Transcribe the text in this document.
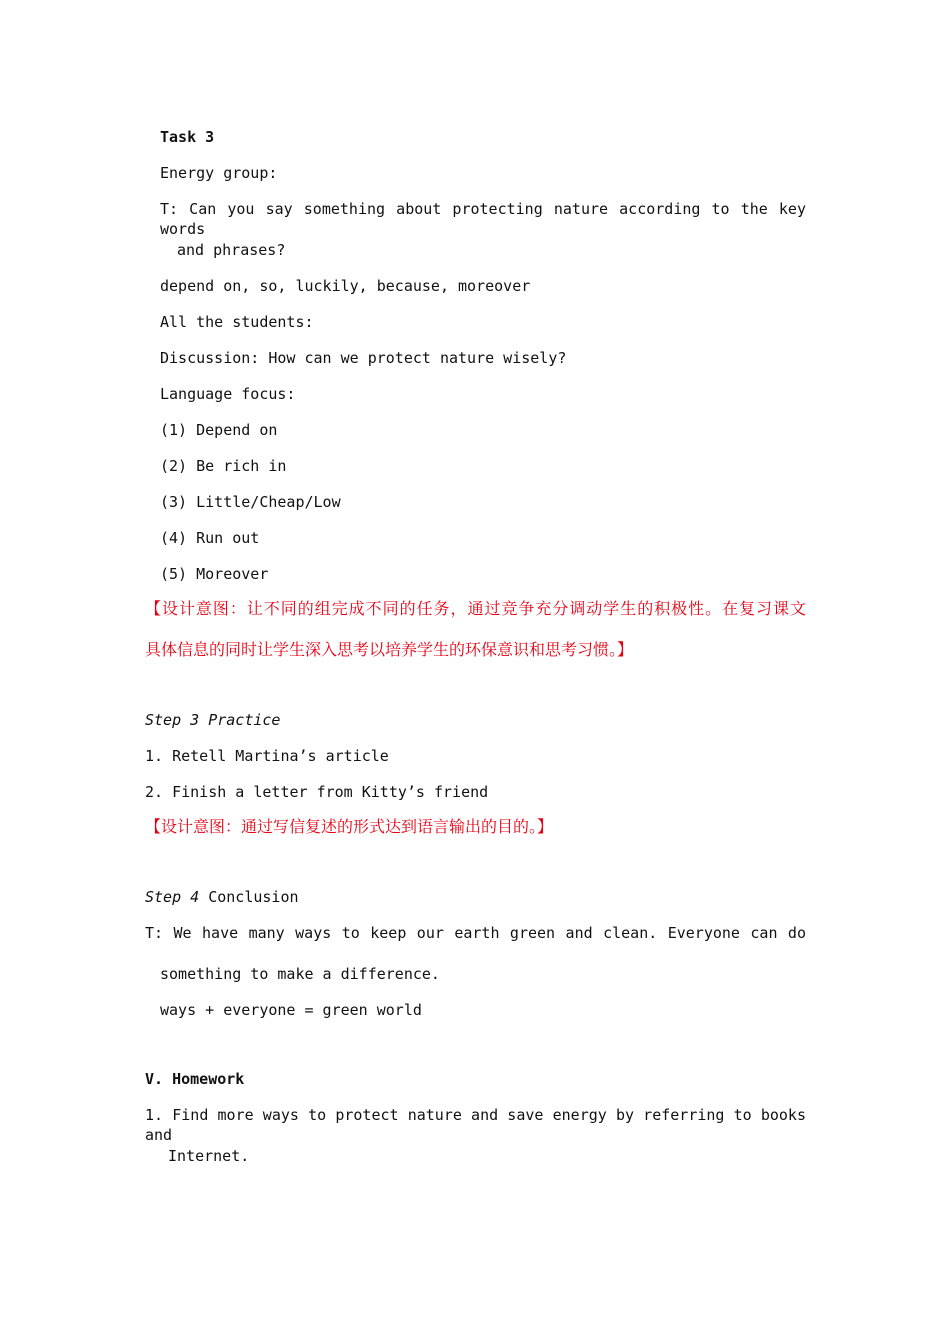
Task 3
Energy group:
T: Can you say something about protecting nature according to the key words
and phrases?
depend on, so, luckily, because, moreover
All the students:
Discussion: How can we protect nature wisely?
Language focus:
(1) Depend on
(2) Be rich in
(3) Little/Cheap/Low
(4) Run out
(5) Moreover
【设计意图：让不同的组完成不同的任务，通过竞争充分调动学生的积极性。在复习课文
具体信息的同时让学生深入思考以培养学生的环保意识和思考习惯。】
Step 3 Practice
1. Retell Martina’s article
2. Finish a letter from Kitty’s friend
【设计意图：通过写信复述的形式达到语言输出的目的。】
Step 4 Conclusion
T: We have many ways to keep our earth green and clean. Everyone can do
something to make a difference.
ways + everyone = green world
V. Homework
1. Find more ways to protect nature and save energy by referring to books and
Internet.
